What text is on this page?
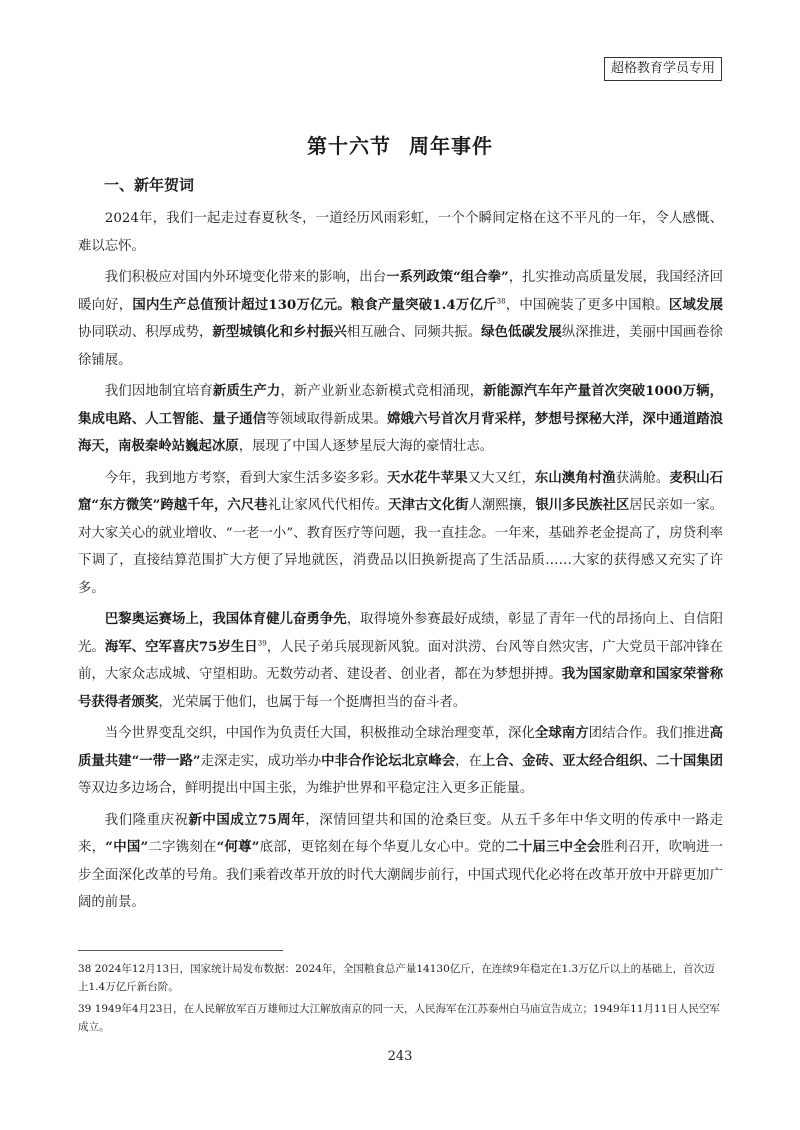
超格教育学员专用
第十六节 周年事件
一、新年贺词

2024年，我们一起走过春夏秋冬，一道经历风雨彩虹，一个个瞬间定格在这不平凡的一年，令人感慨、难以忘怀。

我们积极应对国内外环境变化带来的影响，出台一系列政策“组合拳”，扎实推动高质量发展，我国经济回暖向好，国内生产总值预计超过130万亿元。粮食产量突破1.4万亿斤$^{38}$，中国碗装了更多中国粮。区域发展协同联动、积厚成势，新型城镇化和乡村振兴相互融合、同频共振。绿色低碳发展纵深推进，美丽中国画卷徐徐铺展。

我们因地制宜培育新质生产力，新产业新业态新模式竞相涌现，新能源汽车年产量首次突破1000万辆，集成电路、人工智能、量子通信等领域取得新成果。嫦娥六号首次月背采样，梦想号探秘大洋，深中通道踏浪海天，南极秦岭站巍起冰原，展现了中国人逐梦星辰大海的豪情壮志。

今年，我到地方考察，看到大家生活多姿多彩。天水花牛苹果又大又红，东山澳角村渔获满舱。麦积山石窟“东方微笑”跨越千年，六尺巷礼让家风代代相传。天津古文化街人潮熙攘，银川多民族社区居民亲如一家。对大家关心的就业增收、“一老一小”、教育医疗等问题，我一直挂念。一年来，基础养老金提高了，房贷利率下调了，直接结算范围扩大方便了异地就医，消费品以旧换新提高了生活品质……大家的获得感又充实了许多。

巴黎奥运赛场上，我国体育健儿奋勇争先，取得境外参赛最好成绩，彰显了青年一代的昂扬向上、自信阳光。海军、空军喜庆75岁生日$^{39}$，人民子弟兵展现新风貌。面对洪涝、台风等自然灾害，广大党员干部冲锋在前，大家众志成城、守望相助。无数劳动者、建设者、创业者，都在为梦想拼搏。我为国家勋章和国家荣誉称号获得者颁奖，光荣属于他们，也属于每一个挺膺担当的奋斗者。

当今世界变乱交织，中国作为负责任大国，积极推动全球治理变革，深化全球南方团结合作。我们推进高质量共建“一带一路”走深走实，成功举办中非合作论坛北京峰会，在上合、金砖、亚太经合组织、二十国集团等双边多边场合，鲜明提出中国主张，为维护世界和平稳定注入更多正能量。

我们隆重庆祝新中国成立75周年，深情回望共和国的沧桑巨变。从五千多年中华文明的传承中一路走来，“中国”二字镌刻在“何尊”底部，更铭刻在每个华夏儿女心中。党的二十届三中全会胜利召开，吹响进一步全面深化改革的号角。我们乘着改革开放的时代大潮阔步前行，中国式现代化必将在改革开放中开辟更加广阔的前景。

38 2024年12月13日，国家统计局发布数据：2024年，全国粮食总产量14130亿斤，在连续9年稳定在1.3万亿斤以上的基础上，首次迈上1.4万亿斤新台阶。

39 1949年4月23日，在人民解放军百万雄师过大江解放南京的同一天，人民海军在江苏泰州白马庙宣告成立；1949年11月11日人民空军成立。

243
